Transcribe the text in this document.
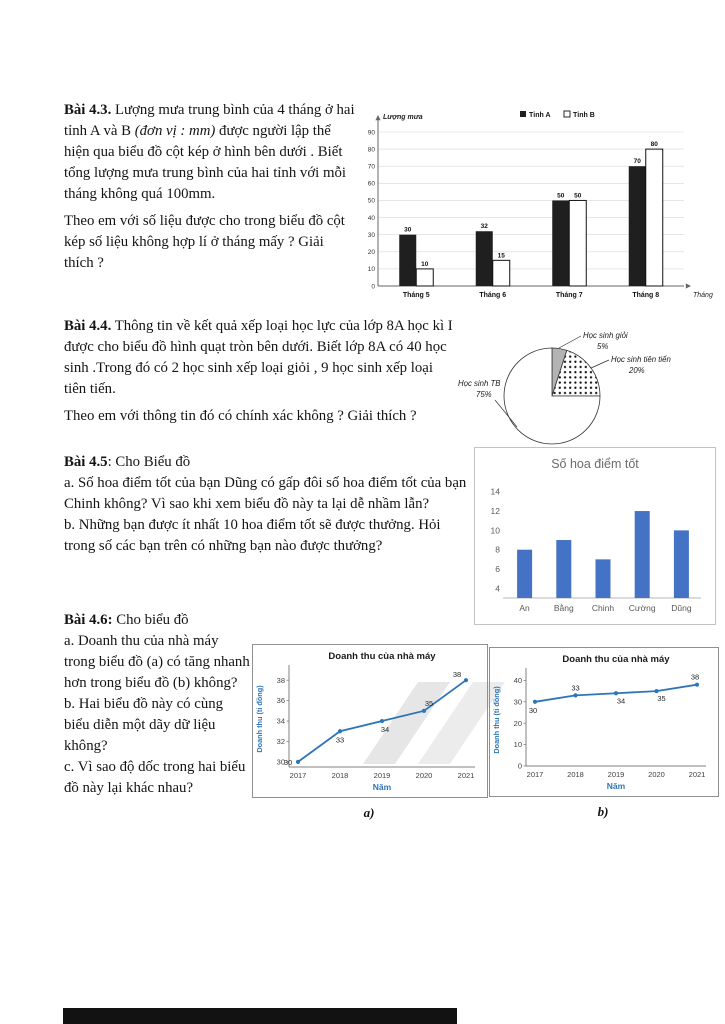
Bài 4.3. Lượng mưa trung bình của 4 tháng ở hai tỉnh A và B (đơn vị : mm) được người lập thể hiện qua biểu đồ cột kép ở hình bên dưới . Biết tổng lượng mưa trung bình của hai tỉnh với mỗi tháng không quá 100mm.

Theo em với số liệu được cho trong biểu đồ cột kép số liệu không hợp lí ở tháng mấy ? Giải thích ?

0
10
20
30
40
50
60
70
80
90
Lượng mưa
Tháng
Tỉnh A	Tỉnh B
30
10
Tháng 5
32
15
Tháng 6
50 50
Tháng 7
70
80
Tháng 8

Bài 4.4. Thông tin về kết quả xếp loại học lực của lớp 8A học kì I được cho biểu đồ hình quạt tròn bên dưới. Biết lớp 8A có 40 học sinh .Trong đó có 2 học sinh xếp loại giỏi , 9 học sinh xếp loại tiên tiến.

Theo em với thông tin đó có chính xác không ? Giải thích ?

Học sinh giỏi
5%
Học sinh tiên tiến
20%
Học sinh TB
75%

Bài 4.5: Cho Biểu đồ

a. Số hoa điểm tốt của bạn Dũng có gấp đôi số hoa điểm tốt của bạn Chinh không? Vì sao khi xem biểu đồ này ta lại dễ nhầm lẫn?

b. Những bạn được ít nhất 10 hoa điểm tốt sẽ được thưởng. Hỏi trong số các bạn trên có những bạn nào được thưởng?

Số hoa điểm tốt
4
6
8
10
12
14
An	Bằng Chinh Cường Dũng

Bài 4.6: Cho biểu đồ

a. Doanh thu của nhà máy trong biểu đồ (a) có tăng nhanh hơn trong biểu đồ (b) không?

b. Hai biểu đồ này có cùng biểu diễn một dãy dữ liệu không?

c. Vì sao độ dốc trong hai biểu đồ này lại khác nhau?

Doanh thu của nhà máy
30
32
34
36
38
30
2017
33
2018
34
2019
35
2020
38
2021
Năm
Doanh thu (tỉ đồng)
a)
Doanh thu của nhà máy
0
10
20
30
40
30
2017
33
2018
34
2019
35
2020
38
2021
Năm
Doanh thu (tỉ đồng)
b)
